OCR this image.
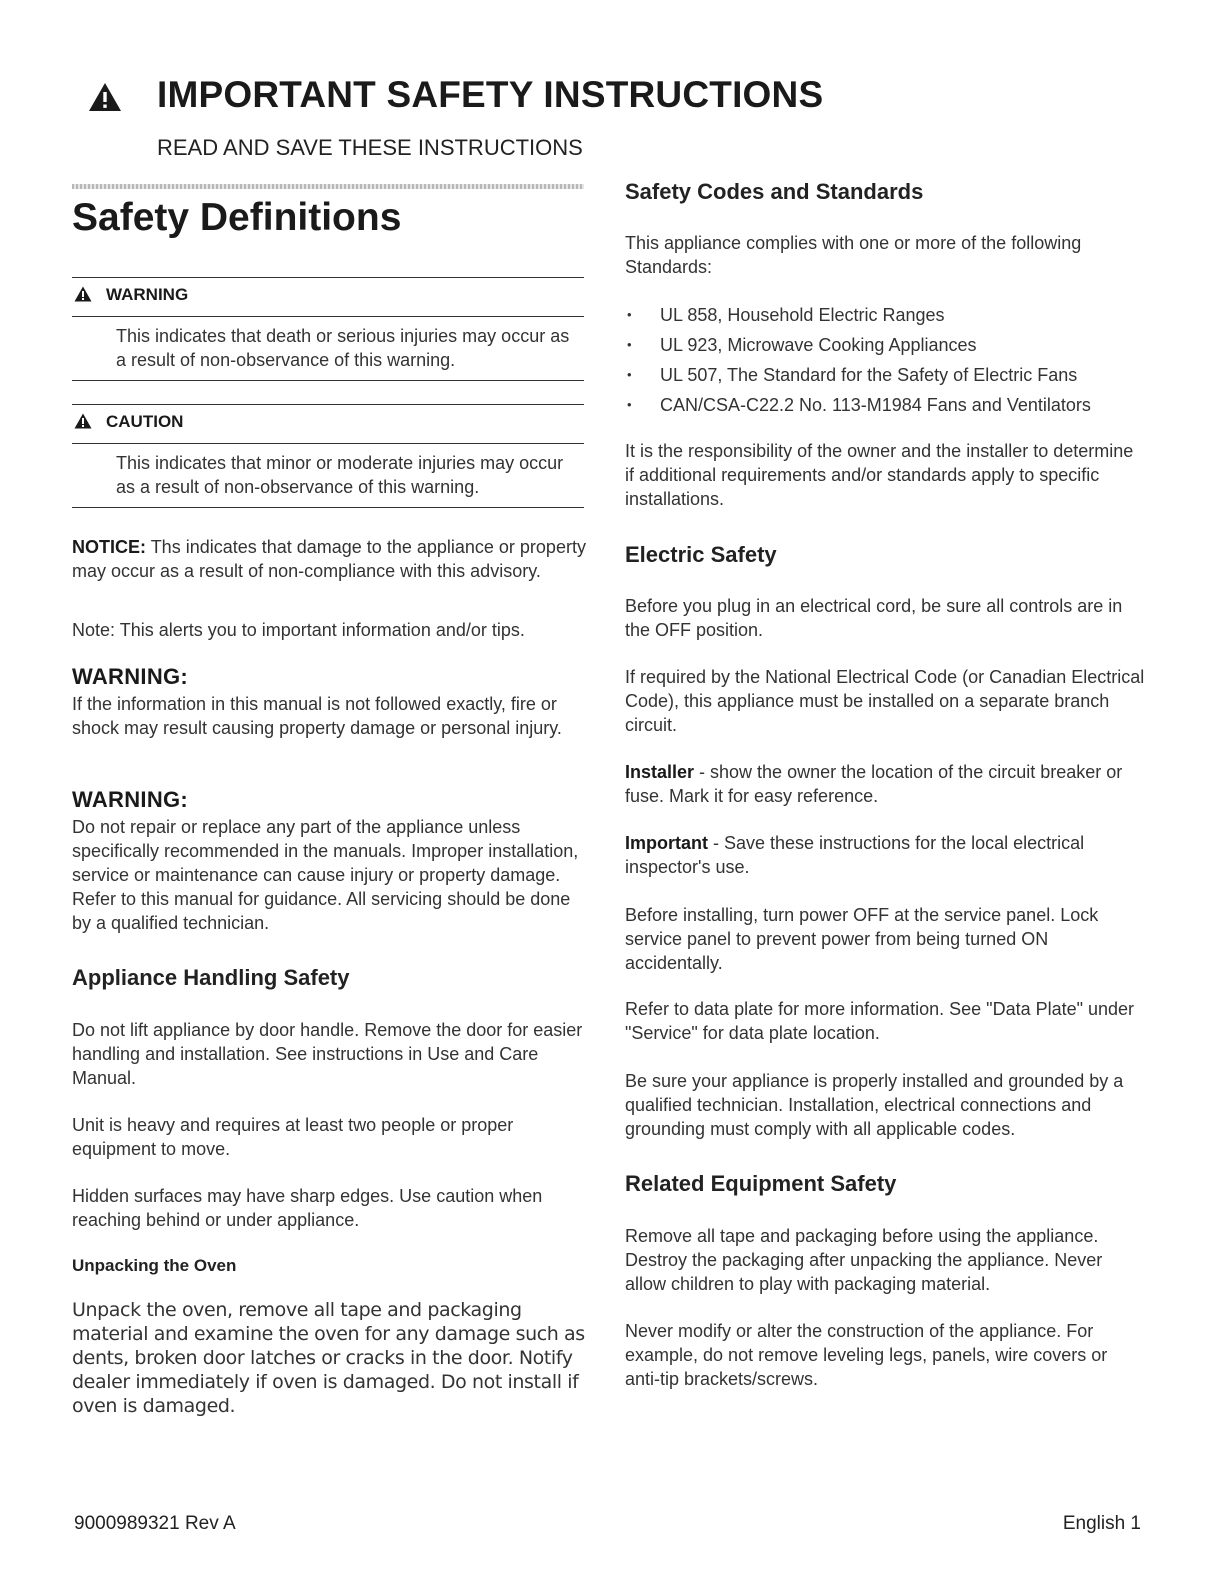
IMPORTANT SAFETY INSTRUCTIONS
READ AND SAVE THESE INSTRUCTIONS
Safety Definitions
WARNING
This indicates that death or serious injuries may occur as a result of non-observance of this warning.
CAUTION
This indicates that minor or moderate injuries may occur as a result of non-observance of this warning.
NOTICE: Ths indicates that damage to the appliance or property may occur as a result of non-compliance with this advisory.
Note: This alerts you to important information and/or tips.
WARNING:
If the information in this manual is not followed exactly, fire or shock may result causing property damage or personal injury.
WARNING:
Do not repair or replace any part of the appliance unless specifically recommended in the manuals. Improper installation, service or maintenance can cause injury or property damage. Refer to this manual for guidance. All servicing should be done by a qualified technician.
Appliance Handling Safety
Do not lift appliance by door handle. Remove the door for easier handling and installation. See instructions in Use and Care Manual.
Unit is heavy and requires at least two people or proper equipment to move.
Hidden surfaces may have sharp edges. Use caution when reaching behind or under appliance.
Unpacking the Oven
Unpack the oven, remove all tape and packaging material and examine the oven for any damage such as dents, broken door latches or cracks in the door. Notify dealer immediately if oven is damaged. Do not install if oven is damaged.
Safety Codes and Standards
This appliance complies with one or more of the following Standards:
• UL 858, Household Electric Ranges
• UL 923, Microwave Cooking Appliances
• UL 507, The Standard for the Safety of Electric Fans
• CAN/CSA-C22.2 No. 113-M1984 Fans and Ventilators
It is the responsibility of the owner and the installer to determine if additional requirements and/or standards apply to specific installations.
Electric Safety
Before you plug in an electrical cord, be sure all controls are in the OFF position.
If required by the National Electrical Code (or Canadian Electrical Code), this appliance must be installed on a separate branch circuit.
Installer - show the owner the location of the circuit breaker or fuse. Mark it for easy reference.
Important - Save these instructions for the local electrical inspector's use.
Before installing, turn power OFF at the service panel. Lock service panel to prevent power from being turned ON accidentally.
Refer to data plate for more information. See "Data Plate" under "Service" for data plate location.
Be sure your appliance is properly installed and grounded by a qualified technician. Installation, electrical connections and grounding must comply with all applicable codes.
Related Equipment Safety
Remove all tape and packaging before using the appliance. Destroy the packaging after unpacking the appliance. Never allow children to play with packaging material.
Never modify or alter the construction of the appliance. For example, do not remove leveling legs, panels, wire covers or anti-tip brackets/screws.
9000989321 Rev A	English 1
